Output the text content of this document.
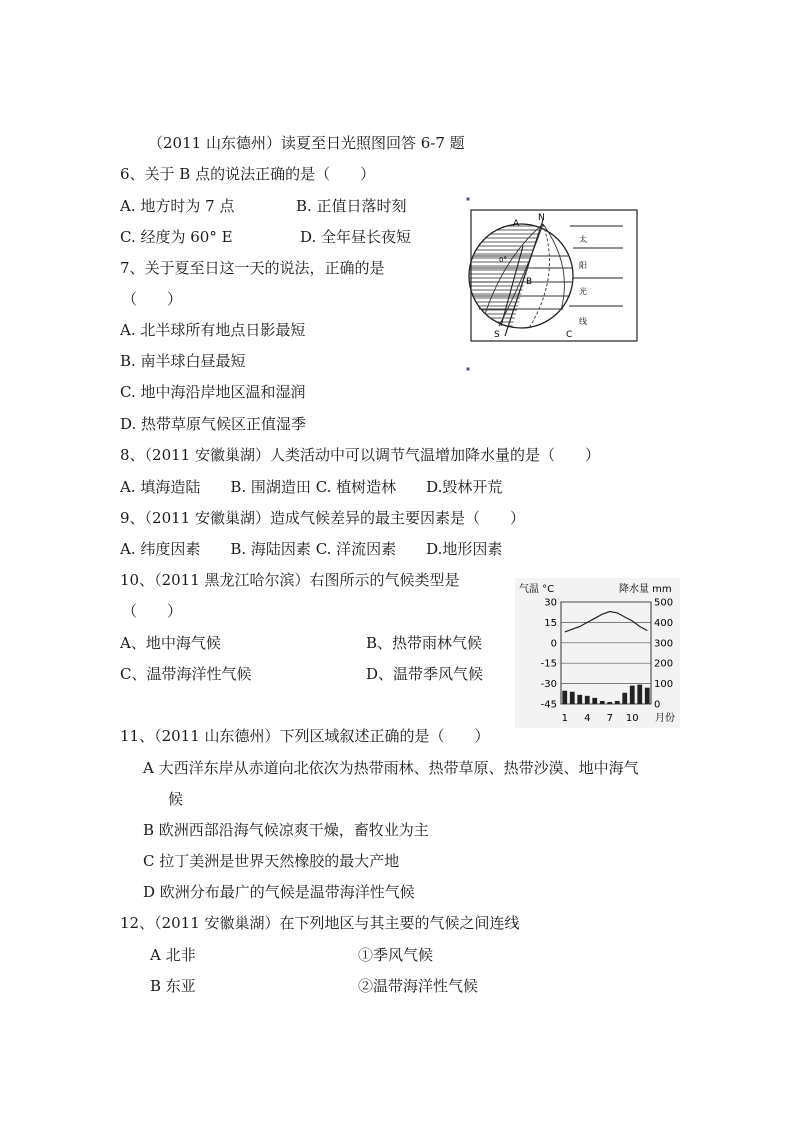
（2011 山东德州）读夏至日光照图回答 6-7 题
6、关于 B 点的说法正确的是（　　）
A. 地方时为 7 点	B. 正值日落时刻
C. 经度为 60° E	D. 全年昼长夜短
7、关于夏至日这一天的说法，正确的是
（　　）
A. 北半球所有地点日影最短
B. 南半球白昼最短
C. 地中海沿岸地区温和湿润
D. 热带草原气候区正值湿季
8、（2011 安徽巢湖）人类活动中可以调节气温增加降水量的是（　　）
A. 填海造陆　　B. 围湖造田 C. 植树造林　　D.毁林开荒
9、（2011 安徽巢湖）造成气候差异的最主要因素是（　　）
A. 纬度因素　　B. 海陆因素 C. 洋流因素　　D.地形因素
10、（2011 黑龙江哈尔滨）右图所示的气候类型是
（　　）
A、地中海气候	B、热带雨林气候
C、温带海洋性气候	D、温带季风气候
11、（2011 山东德州）下列区域叙述正确的是（　　）
A 大西洋东岸从赤道向北依次为热带雨林、热带草原、热带沙漠、地中海气
候
B 欧洲西部沿海气候凉爽干燥，畜牧业为主
C 拉丁美洲是世界天然橡胶的最大产地
D 欧洲分布最广的气候是温带海洋性气候
12、（2011 安徽巢湖）在下列地区与其主要的气候之间连线
A 北非	①季风气候
B 东亚	②温带海洋性气候
A
N
B
S	C
0°
太
阳
光
线
气温 °C	降水量 mm
30
15
0
-15
-30
-45
500
400
300
200
100
0
1 4 7 10 月份
